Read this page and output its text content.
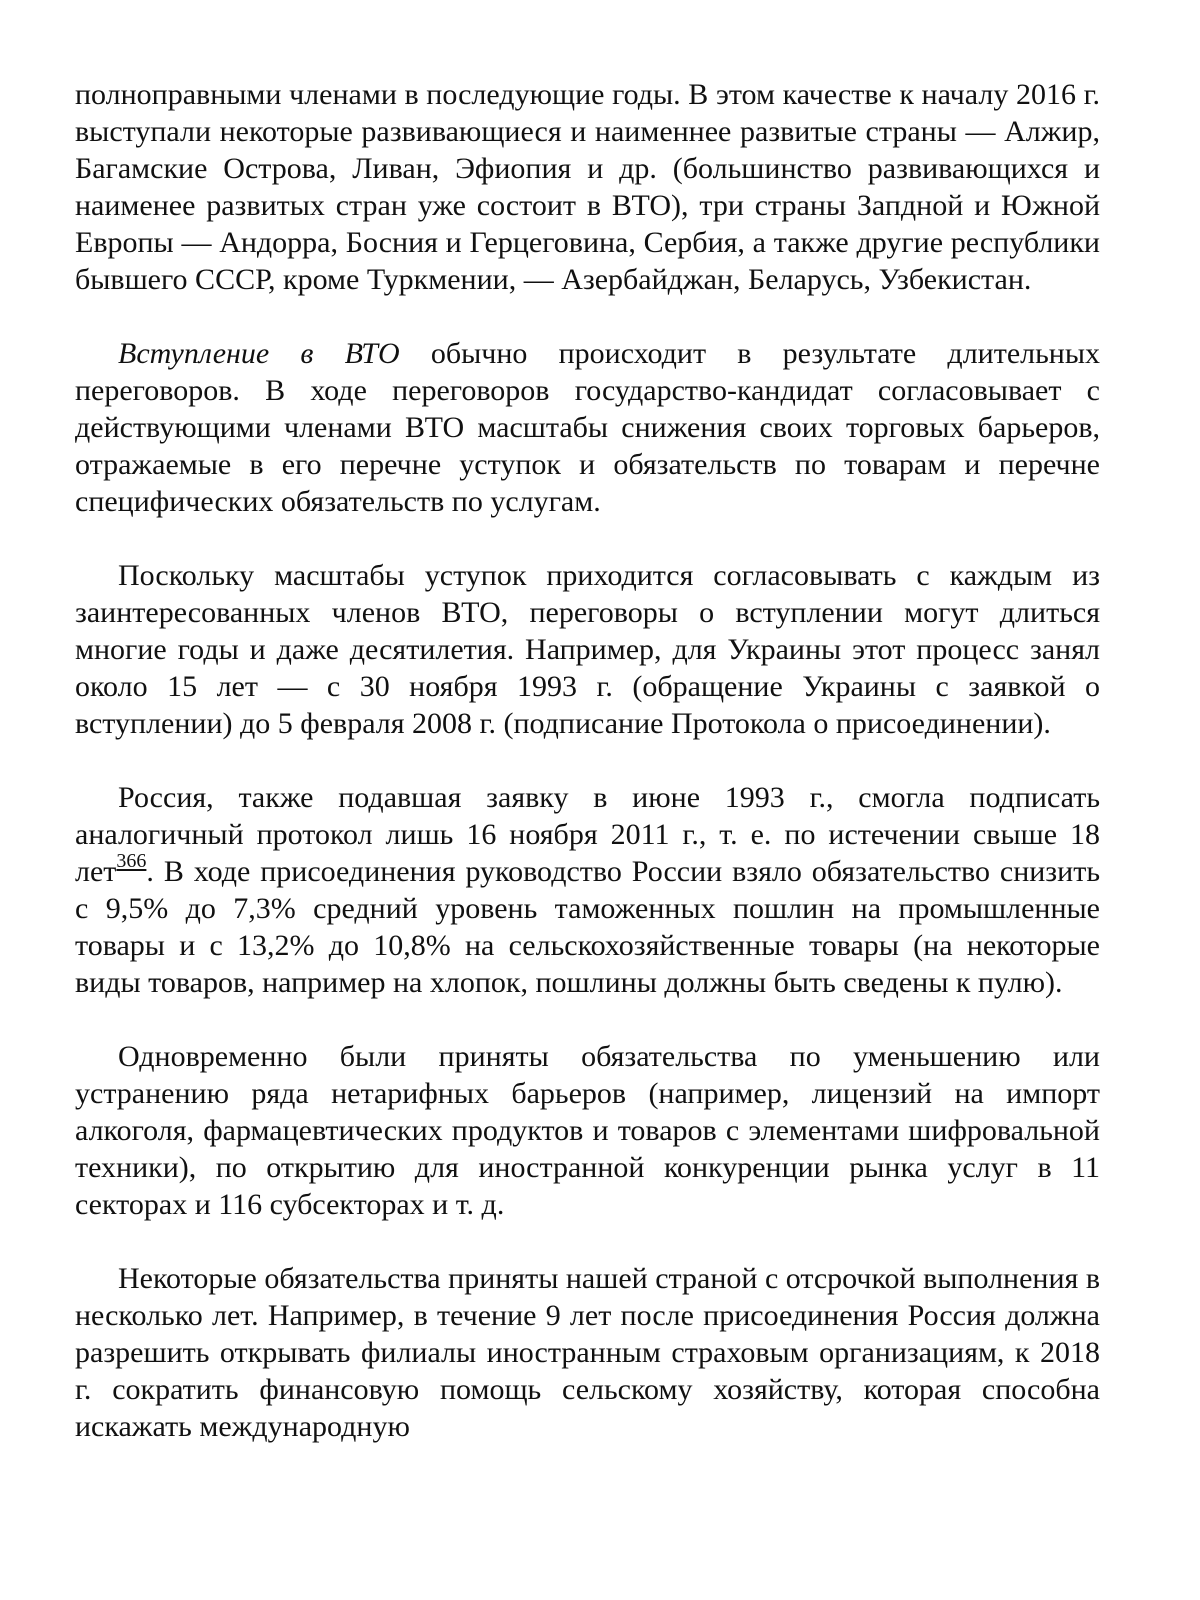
полноправными членами в последующие годы. В этом качестве к началу 2016 г. выступали некоторые развивающиеся и наименнее развитые страны — Алжир, Багамские Острова, Ливан, Эфиопия и др. (большинство развивающихся и наименее развитых стран уже состоит в ВТО), три страны Запдной и Южной Европы — Андорра, Босния и Герцеговина, Сербия, а также другие республики бывшего СССР, кроме Туркмении, — Азербайджан, Беларусь, Узбекистан.

Вступление в ВТО обычно происходит в результате длительных переговоров. В ходе переговоров государство-кандидат согласовывает с действующими членами ВТО масштабы снижения своих торговых барьеров, отражаемые в его перечне уступок и обязательств по товарам и перечне специфических обязательств по услугам.

Поскольку масштабы уступок приходится согласовывать с каждым из заинтересованных членов ВТО, переговоры о вступлении могут длиться многие годы и даже десятилетия. Например, для Украины этот процесс занял около 15 лет — с 30 ноября 1993 г. (обращение Украины с заявкой о вступлении) до 5 февраля 2008 г. (подписание Протокола о присоединении).

Россия, также подавшая заявку в июне 1993 г., смогла подписать аналогичный протокол лишь 16 ноября 2011 г., т. е. по истечении свыше 18 лет$^{366}$. В ходе присоединения руководство России взяло обязательство снизить с 9,5% до 7,3% средний уровень таможенных пошлин на промышленные товары и с 13,2% до 10,8% на сельскохозяйственные товары (на некоторые виды товаров, например на хлопок, пошлины должны быть сведены к пулю).

Одновременно были приняты обязательства по уменьшению или устранению ряда нетарифных барьеров (например, лицензий на импорт алкоголя, фармацевтических продуктов и товаров с элементами шифровальной техники), по открытию для иностранной конкуренции рынка услуг в 11 секторах и 116 субсекторах и т. д.

Некоторые обязательства приняты нашей страной с отсрочкой выполнения в несколько лет. Например, в течение 9 лет после присоединения Россия должна разрешить открывать филиалы иностранным страховым организациям, к 2018 г. сократить финансовую помощь сельскому хозяйству, которая способна искажать международную
